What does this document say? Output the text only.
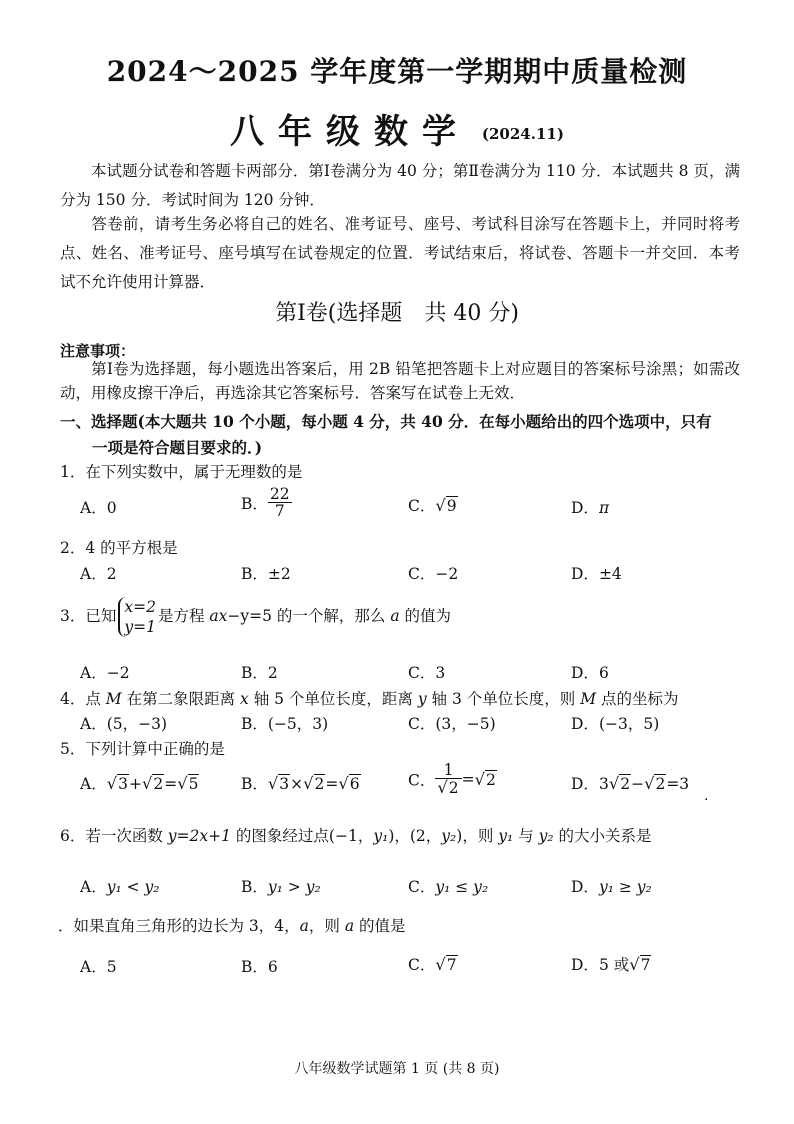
2024～2025 学年度第一学期期中质量检测
八年级数学 (2024.11)
本试题分试卷和答题卡两部分．第Ⅰ卷满分为 40 分；第Ⅱ卷满分为 110 分．本试题共 8 页，满分为 150 分．考试时间为 120 分钟．
答卷前，请考生务必将自己的姓名、准考证号、座号、考试科目涂写在答题卡上，并同时将考点、姓名、准考证号、座号填写在试卷规定的位置．考试结束后，将试卷、答题卡一并交回．本考试不允许使用计算器．
第Ⅰ卷(选择题　共 40 分)
注意事项：
第Ⅰ卷为选择题，每小题选出答案后，用 2B 铅笔把答题卡上对应题目的答案标号涂黑；如需改动，用橡皮擦干净后，再选涂其它答案标号．答案写在试卷上无效．
一、选择题(本大题共 10 个小题，每小题 4 分，共 40 分．在每小题给出的四个选项中，只有
一项是符合题目要求的．)
1．在下列实数中，属于无理数的是
A．0	B． $\frac{22}{7}$	C．√9	D．π
2．4 的平方根是
A．2	B．±2	C．−2	D．±4
3．已知 x=2
y=1
是方程 ax−y=5 的一个解，那么 a 的值为
A．−2	B．2	C．3	D．6
4．点 M 在第二象限距离 x 轴 5 个单位长度，距离 y 轴 3 个单位长度，则 M 点的坐标为
A．(5，−3)	B．(−5，3)	C．(3，−5)	D．(−3，5)
5．下列计算中正确的是
A．√3+√2=√5	B．√3×√2=√6	C． $\frac{1}{√2} =√2$	D．3√2−√2=3
.
6．若一次函数 y=2x+1 的图象经过点(−1，y₁)，(2，y₂)，则 y₁ 与 y₂ 的大小关系是
A．y₁ < y₂	B．y₁ > y₂	C．y₁ ≤ y₂	D．y₁ ≥ y₂
．如果直角三角形的边长为 3，4，a，则 a 的值是
A．5	B．6	C．√7	D．5 或√7
八年级数学试题第 1 页 (共 8 页)
